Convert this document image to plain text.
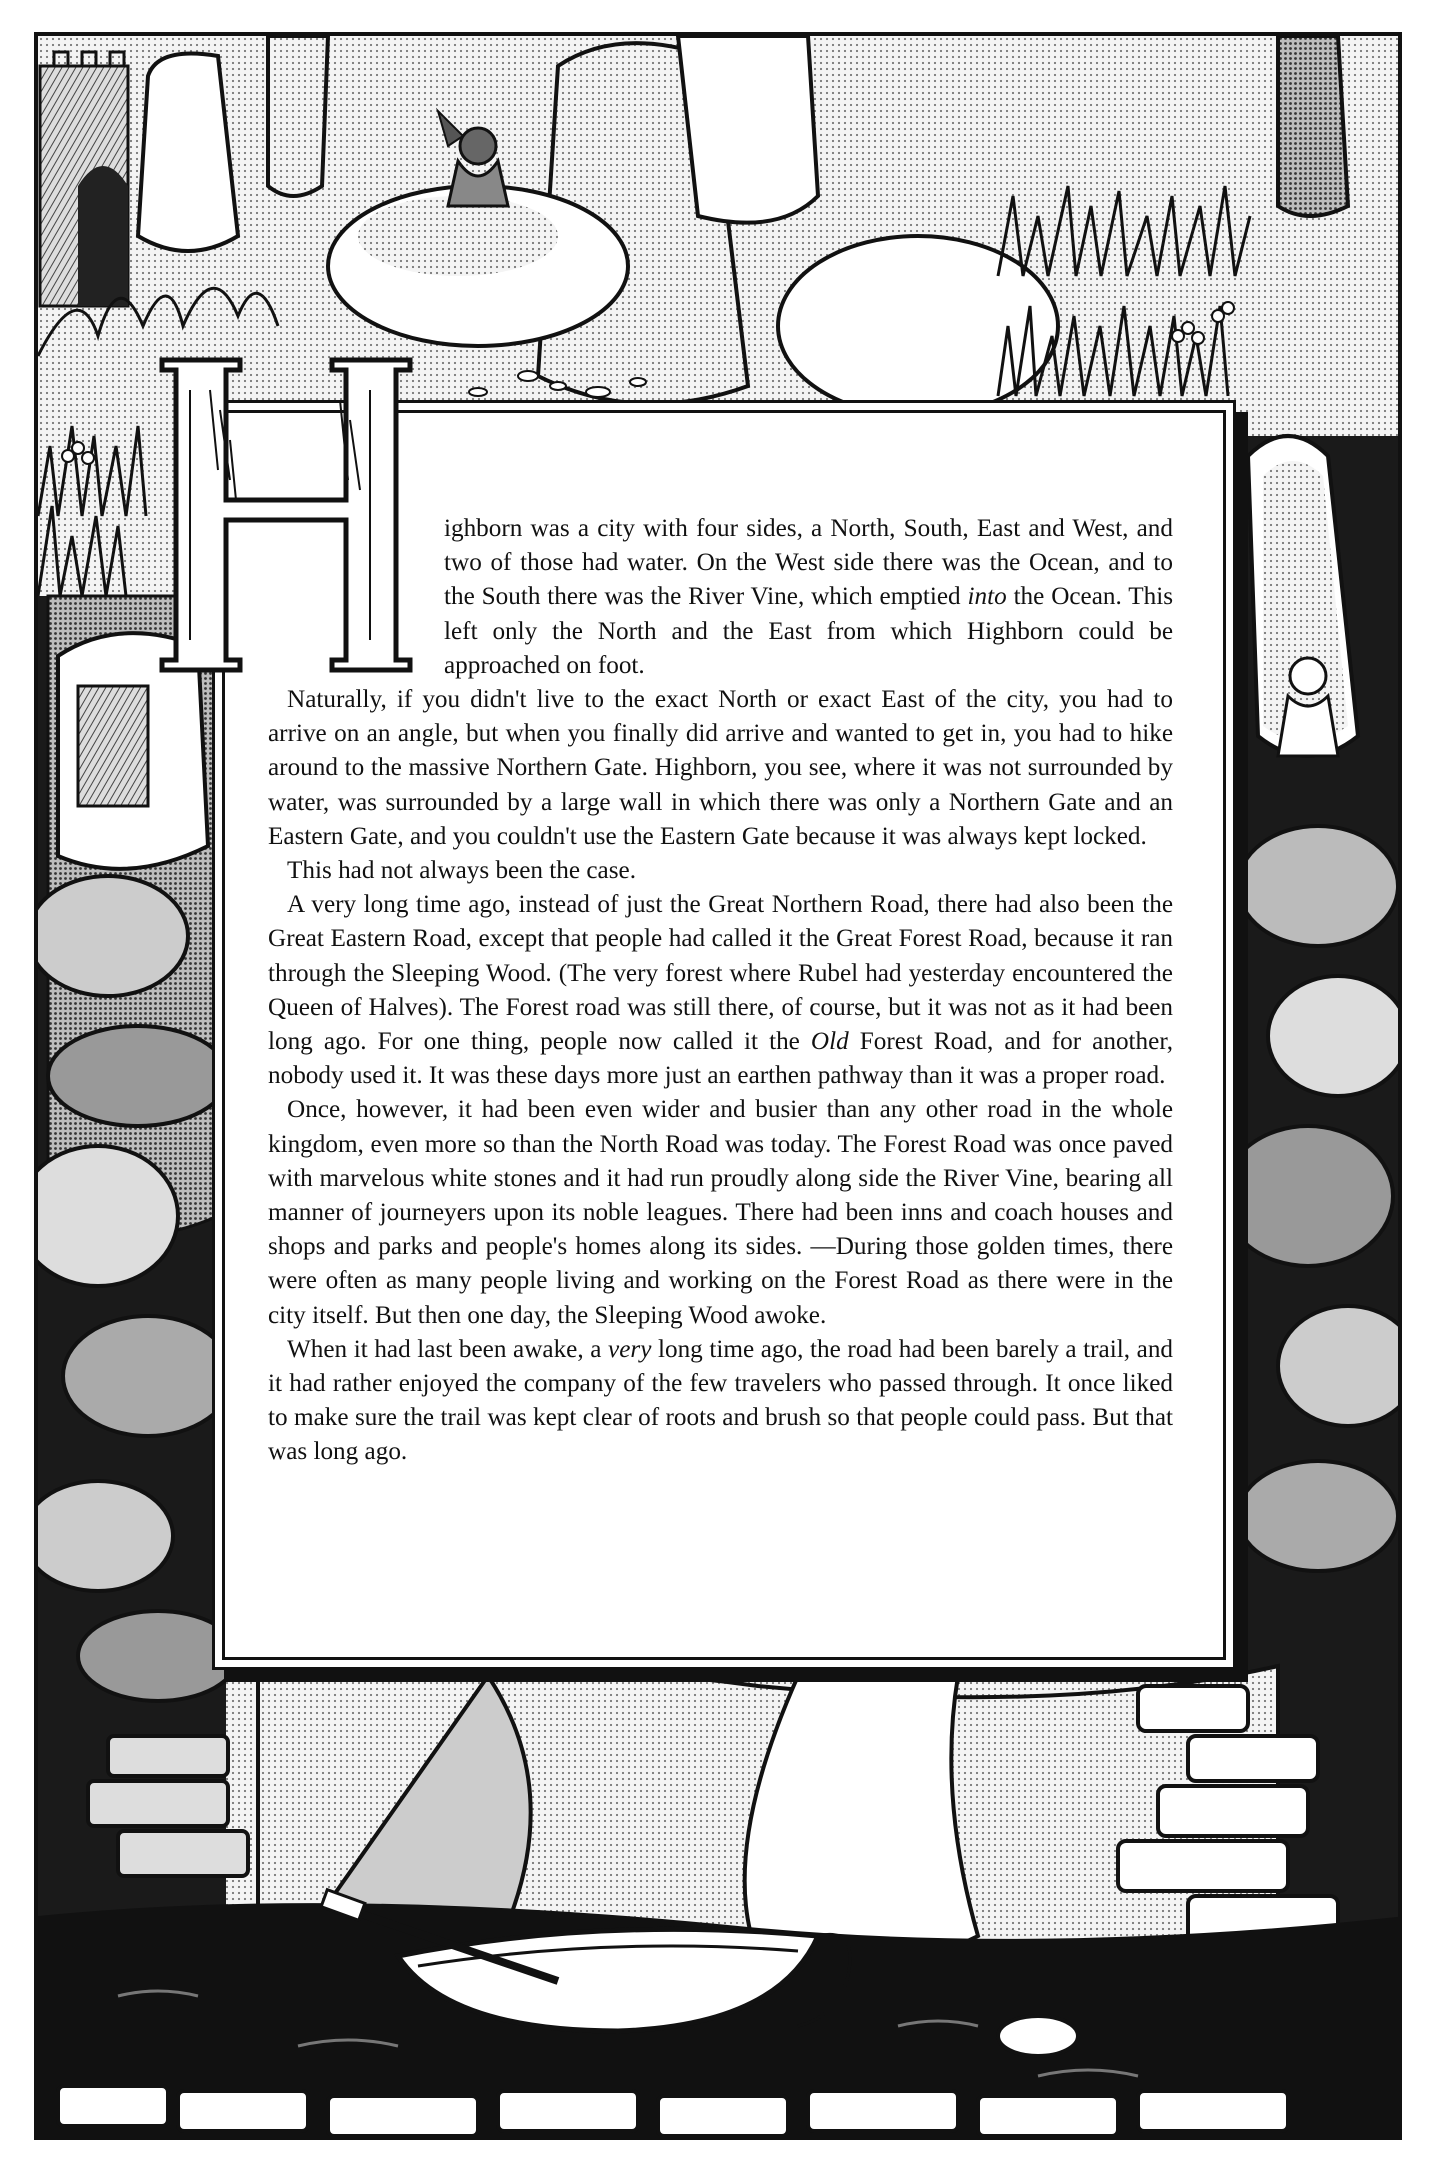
H

ighborn was a city with four sides, a North, South, East and West, and two of those had water. On the West side there was the Ocean, and to the South there was the River Vine, which emptied into the Ocean. This left only the North and the East from which Highborn could be approached on foot.

Naturally, if you didn't live to the exact North or exact East of the city, you had to arrive on an angle, but when you finally did arrive and wanted to get in, you had to hike around to the massive Northern Gate. Highborn, you see, where it was not surrounded by water, was surrounded by a large wall in which there was only a Northern Gate and an Eastern Gate, and you couldn't use the Eastern Gate because it was always kept locked.

This had not always been the case.

A very long time ago, instead of just the Great Northern Road, there had also been the Great Eastern Road, except that people had called it the Great Forest Road, because it ran through the Sleeping Wood. (The very forest where Rubel had yesterday encountered the Queen of Halves). The Forest road was still there, of course, but it was not as it had been long ago. For one thing, people now called it the Old Forest Road, and for another, nobody used it. It was these days more just an earthen pathway than it was a proper road.

Once, however, it had been even wider and busier than any other road in the whole kingdom, even more so than the North Road was today. The Forest Road was once paved with marvelous white stones and it had run proudly along side the River Vine, bearing all manner of journeyers upon its noble leagues. There had been inns and coach houses and shops and parks and people's homes along its sides. —During those golden times, there were often as many people living and working on the Forest Road as there were in the city itself. But then one day, the Sleeping Wood awoke.

When it had last been awake, a very long time ago, the road had been barely a trail, and it had rather enjoyed the company of the few travelers who passed through. It once liked to make sure the trail was kept clear of roots and brush so that people could pass. But that was long ago.
